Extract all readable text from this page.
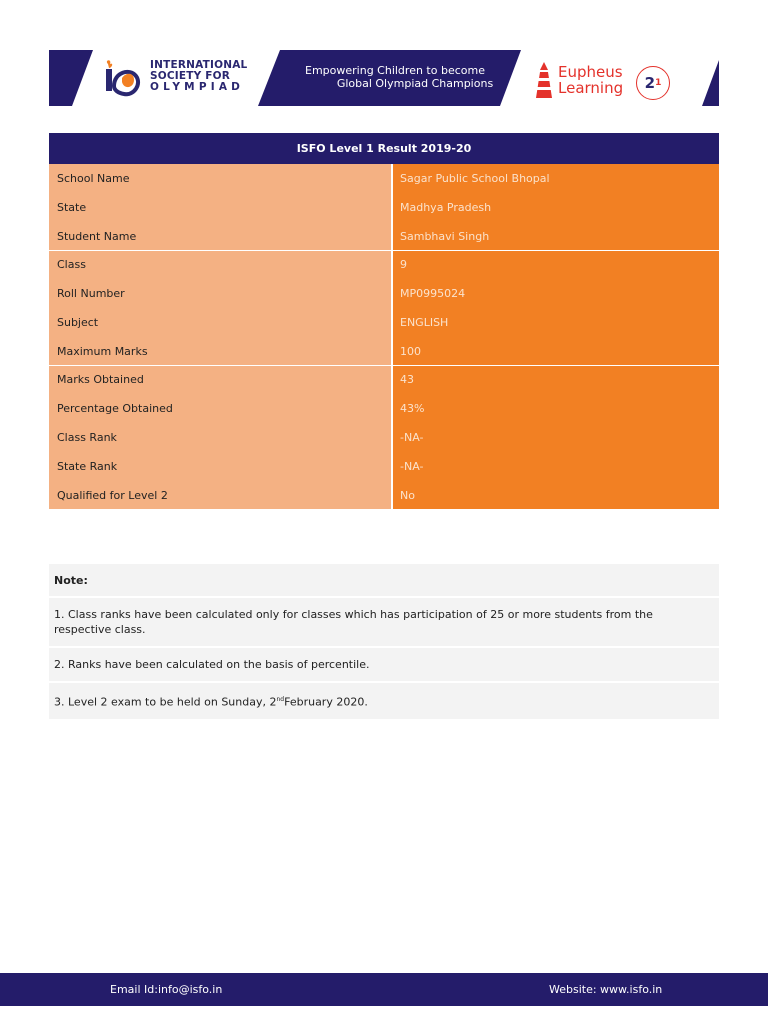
INTERNATIONAL
SOCIETY FOR
OLYMPIAD
Empowering Children to become
Global Olympiad Champions
Eupheus
Learning 2 1
ISFO Level 1 Result 2019-20
School Name	Sagar Public School Bhopal
State	Madhya Pradesh
Student Name	Sambhavi Singh
Class	9
Roll Number	MP0995024
Subject	ENGLISH
Maximum Marks	100
Marks Obtained	43
Percentage Obtained	43%
Class Rank	-NA-
State Rank	-NA-
Qualified for Level 2	No
Note:
1. Class ranks have been calculated only for classes which has participation of 25 or more students from the respective class.
2. Ranks have been calculated on the basis of percentile.
3. Level 2 exam to be held on Sunday, 2ndFebruary 2020.
Email Id:info@isfo.in	Website: www.isfo.in
